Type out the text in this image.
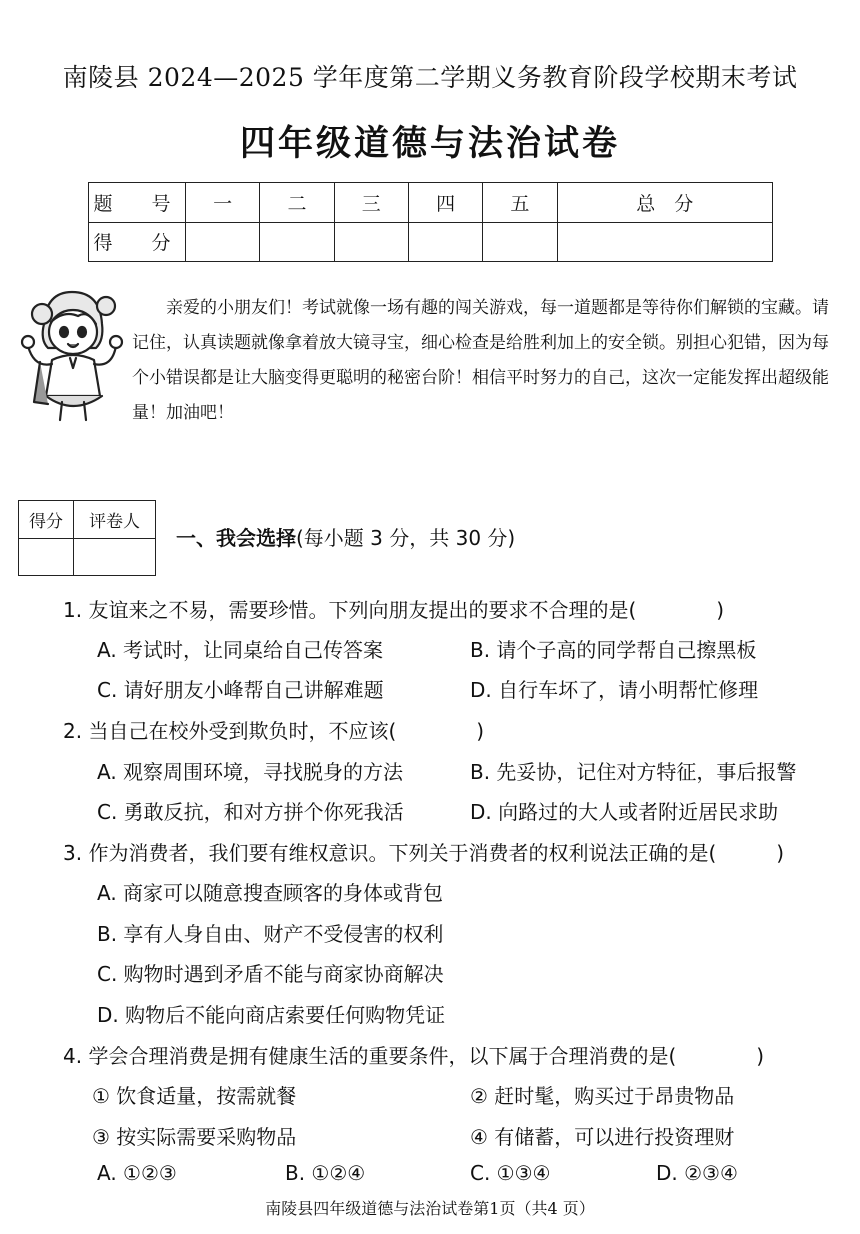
南陵县 2024—2025 学年度第二学期义务教育阶段学校期末考试
四年级道德与法治试卷
题　号	一	二	三	四	五	总　分
得　分						
亲爱的小朋友们！考试就像一场有趣的闯关游戏，每一道题都是等待你们解锁的宝藏。请记住，认真读题就像拿着放大镜寻宝，细心检查是给胜利加上的安全锁。别担心犯错，因为每个小错误都是让大脑变得更聪明的秘密台阶！相信平时努力的自己，这次一定能发挥出超级能量！加油吧！
得分	评卷人

一、我会选择(每小题 3 分，共 30 分)
1. 友谊来之不易，需要珍惜。下列向朋友提出的要求不合理的是(　　　　)
A. 考试时，让同桌给自己传答案	B. 请个子高的同学帮自己擦黑板
C. 请好朋友小峰帮自己讲解难题	D. 自行车坏了，请小明帮忙修理
2. 当自己在校外受到欺负时，不应该(　　　　)
A. 观察周围环境，寻找脱身的方法	B. 先妥协，记住对方特征，事后报警
C. 勇敢反抗，和对方拼个你死我活	D. 向路过的大人或者附近居民求助
3. 作为消费者，我们要有维权意识。下列关于消费者的权利说法正确的是(　　　)
A. 商家可以随意搜查顾客的身体或背包
B. 享有人身自由、财产不受侵害的权利
C. 购物时遇到矛盾不能与商家协商解决
D. 购物后不能向商店索要任何购物凭证
4. 学会合理消费是拥有健康生活的重要条件，以下属于合理消费的是(　　　　)
① 饮食适量，按需就餐	② 赶时髦，购买过于昂贵物品
③ 按实际需要采购物品	④ 有储蓄，可以进行投资理财
A. ①②③	B. ①②④	C. ①③④	D. ②③④
南陵县四年级道德与法治试卷第1页（共4 页）
